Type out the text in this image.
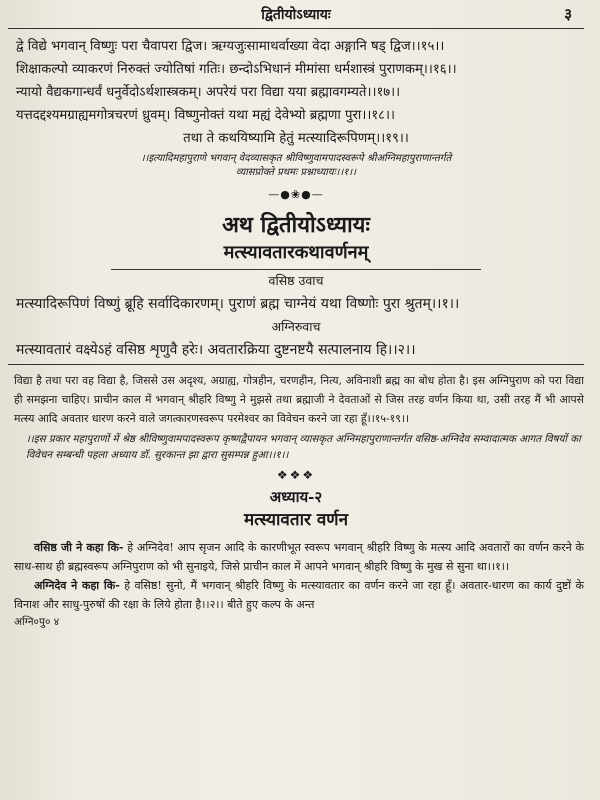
द्वितीयोऽध्यायः	३
द्वे विद्ये भगवान् विष्णुः परा चैवापरा द्विज। ऋग्यजुःसामाथर्वाख्या वेदा अङ्गानि षड् द्विज।।१५।।
शिक्षाकल्पो व्याकरणं निरुक्तं ज्योतिषां गतिः। छन्दोऽभिधानं मीमांसा धर्मशास्त्रं पुराणकम्।।१६।।
न्यायो वैद्यकगान्धर्वं धनुर्वेदोऽर्थशास्त्रकम्। अपरेयं परा विद्या यया ब्रह्मावगम्यते।।१७।।
यत्तदद्दश्यमग्राह्यमगोत्रचरणं ध्रुवम्। विष्णुनोक्तं यथा मह्यं देवेभ्यो ब्रह्मणा पुरा।।१८।।
तथा ते कथयिष्यामि हेतुं मत्स्यादिरूपिणम्।।१९।।
।।इत्यादिमहापुराणे भगवान् वेदव्यासकृत श्रीविष्णुवामपादस्वरूपे श्रीअग्निमहापुराणान्तर्गते
व्यासप्रोक्ते प्रथमः प्रश्नाध्यायः।।१।।
—●❀●—
अथ द्वितीयोऽध्यायः
मत्स्यावतारकथावर्णनम्
वसिष्ठ उवाच
मत्स्यादिरूपिणं विष्णुं ब्रूहि सर्वादिकारणम्। पुराणं ब्रह्म चाग्नेयं यथा विष्णोः पुरा श्रुतम्।।१।।
अग्निरुवाच
मत्स्यावतारं वक्ष्येऽहं वसिष्ठ शृणुवै हरेः। अवतारक्रिया दुष्टनष्टयै सत्पालनाय हि।।२।।
विद्या है तथा परा वह विद्या है, जिससे उस अदृश्य, अग्राह्य, गोत्रहीन, चरणहीन, नित्य, अविनाशी ब्रह्म का बोध होता है। इस अग्निपुराण को परा विद्या ही समझना चाहिए। प्राचीन काल में भगवान् श्रीहरि विष्णु ने मुझसे तथा ब्रह्माजी ने देवताओं से जिस तरह वर्णन किया था, उसी तरह मैं भी आपसे मत्स्य आदि अवतार धारण करने वाले जगत्कारणस्वरूप परमेश्वर का विवेचन करने जा रहा हूँ।।१५-१९।।
।।इस प्रकार महापुराणों में श्रेष्ठ श्रीविष्णुवामपादस्वरूप कृष्णद्वैपायन भगवान् व्यासकृत अग्निमहापुराणान्तर्गत वसिष्ठ-अग्निदेव सम्वादात्मक आगत विषयों का विवेचन सम्बन्धी पहला अध्याय डॉ. सुरकान्त झा द्वारा सुसम्पन्न हुआ।।१।।
❖❖❖
अध्याय-२
मत्स्यावतार वर्णन
वसिष्ठ जी ने कहा कि- हे अग्निदेव! आप सृजन आदि के कारणीभूत स्वरूप भगवान् श्रीहरि विष्णु के मत्स्य आदि अवतारों का वर्णन करने के साथ-साथ ही ब्रह्मस्वरूप अग्निपुराण को भी सुनाइये, जिसे प्राचीन काल में आपने भगवान् श्रीहरि विष्णु के मुख से सुना था।।१।।
अग्निदेव ने कहा कि- हे वसिष्ठ! सुनो, मैं भगवान् श्रीहरि विष्णु के मत्स्यावतार का वर्णन करने जा रहा हूँ। अवतार-धारण का कार्य दुष्टों के विनाश और साधु-पुरुषों की रक्षा के लिये होता है।।२।। बीते हुए कल्प के अन्त
अग्नि०पु० ४
